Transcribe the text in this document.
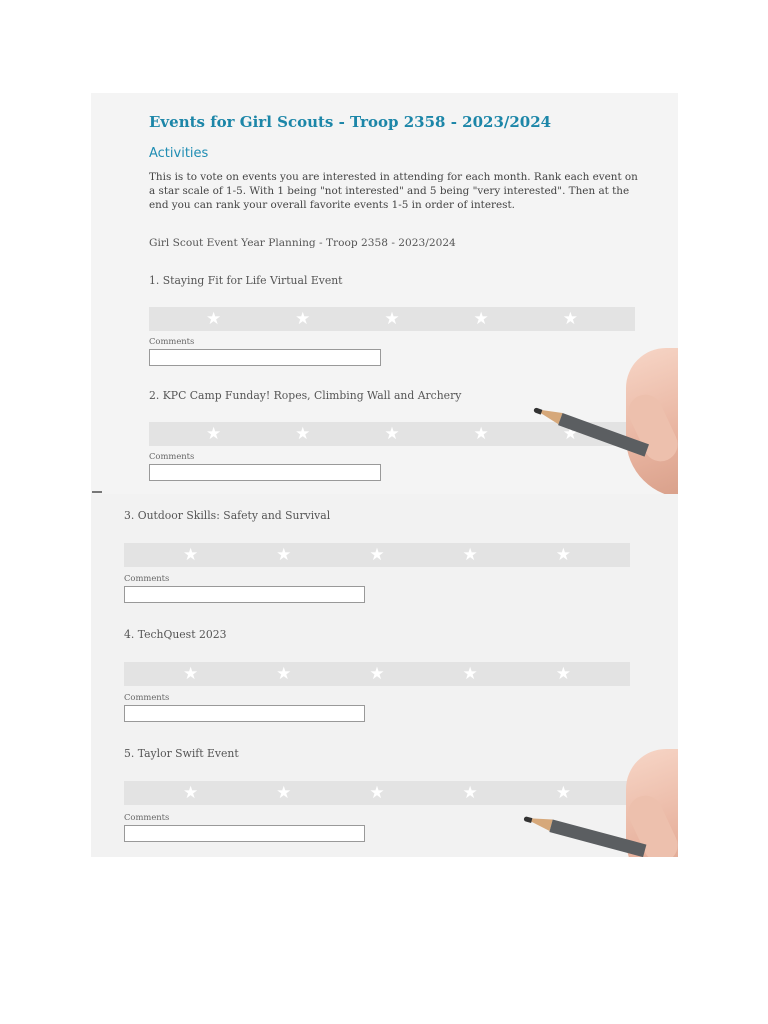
Events for Girl Scouts - Troop 2358 - 2023/2024
Activities
This is to vote on events you are interested in attending for each month. Rank each event on a star scale of 1-5. With 1 being "not interested" and 5 being "very interested". Then at the end you can rank your overall favorite events 1-5 in order of interest.
Girl Scout Event Year Planning - Troop 2358 - 2023/2024
1. Staying Fit for Life Virtual Event
★	★	★	★	★
Comments
2. KPC Camp Funday! Ropes, Climbing Wall and Archery
★	★	★	★	★
Comments
3. Outdoor Skills: Safety and Survival
★	★	★	★	★
Comments
4. TechQuest 2023
★	★	★	★	★
Comments
5. Taylor Swift Event
★	★	★	★	★
Comments
